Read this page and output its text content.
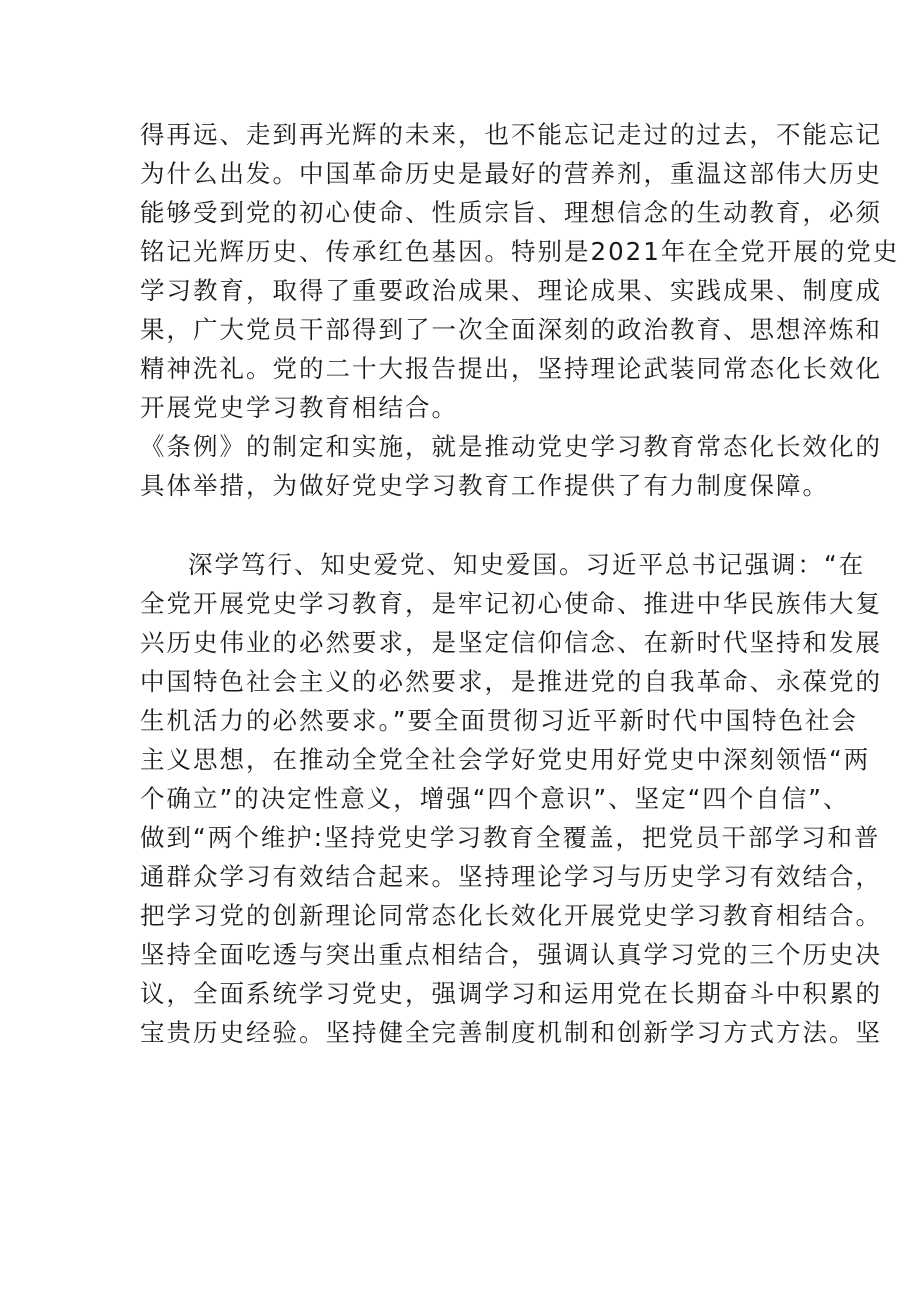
得再远、走到再光辉的未来，也不能忘记走过的过去，不能忘记
为什么出发。中国革命历史是最好的营养剂，重温这部伟大历史
能够受到党的初心使命、性质宗旨、理想信念的生动教育，必须
铭记光辉历史、传承红色基因。特别是2021年在全党开展的党史
学习教育，取得了重要政治成果、理论成果、实践成果、制度成
果，广大党员干部得到了一次全面深刻的政治教育、思想淬炼和
精神洗礼。党的二十大报告提出，坚持理论武装同常态化长效化
开展党史学习教育相结合。
《条例》的制定和实施，就是推动党史学习教育常态化长效化的
具体举措，为做好党史学习教育工作提供了有力制度保障。
深学笃行、知史爱党、知史爱国。习近平总书记强调：“在
全党开展党史学习教育，是牢记初心使命、推进中华民族伟大复
兴历史伟业的必然要求，是坚定信仰信念、在新时代坚持和发展
中国特色社会主义的必然要求，是推进党的自我革命、永葆党的
生机活力的必然要求。”要全面贯彻习近平新时代中国特色社会
主义思想，在推动全党全社会学好党史用好党史中深刻领悟“两
个确立”的决定性意义，增强“四个意识”、坚定“四个自信”、
做到“两个维护:坚持党史学习教育全覆盖，把党员干部学习和普
通群众学习有效结合起来。坚持理论学习与历史学习有效结合，
把学习党的创新理论同常态化长效化开展党史学习教育相结合。
坚持全面吃透与突出重点相结合，强调认真学习党的三个历史决
议，全面系统学习党史，强调学习和运用党在长期奋斗中积累的
宝贵历史经验。坚持健全完善制度机制和创新学习方式方法。坚
